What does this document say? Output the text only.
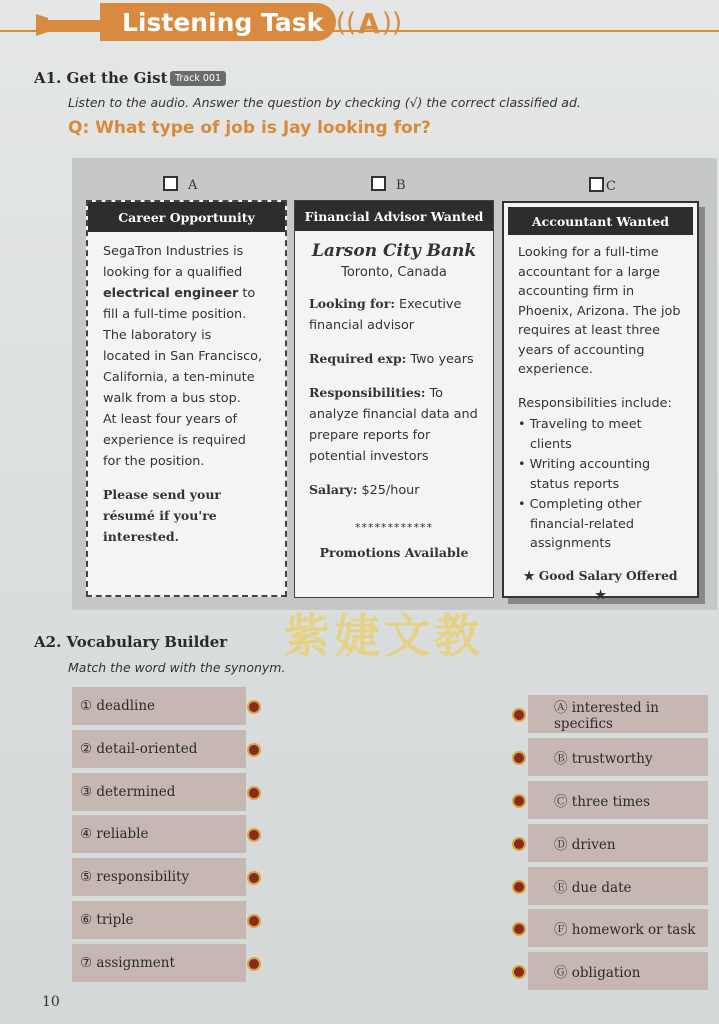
Listening Task (( A ))
A1. Get the Gist Track 001
Listen to the audio. Answer the question by checking (√) the correct classified ad.
Q: What type of job is Jay looking for?
A	B	C
Career Opportunity
SegaTron Industries is
looking for a qualified
electrical engineer to
fill a full-time position.
The laboratory is
located in San Francisco,
California, a ten-minute
walk from a bus stop.
At least four years of
experience is required
for the position.
Please send your
résumé if you're
interested.
Financial Advisor Wanted
Larson City Bank
Toronto, Canada
Looking for: Executive financial advisor
Required exp: Two years
Responsibilities: To analyze financial data and prepare reports for potential investors
Salary: $25/hour
************
Promotions Available
Accountant Wanted
Looking for a full-time accountant for a large accounting firm in Phoenix, Arizona. The job requires at least three years of accounting experience.
Responsibilities include:
• Traveling to meet clients
• Writing accounting status reports
• Completing other financial-related assignments
★ Good Salary Offered ★
紫婕文教
A2. Vocabulary Builder
Match the word with the synonym.
① deadline
② detail-oriented
③ determined
④ reliable
⑤ responsibility
⑥ triple
⑦ assignment
Ⓐ interested in specifics
Ⓑ trustworthy
Ⓒ three times
Ⓓ driven
Ⓔ due date
Ⓕ homework or task
Ⓖ obligation
10
